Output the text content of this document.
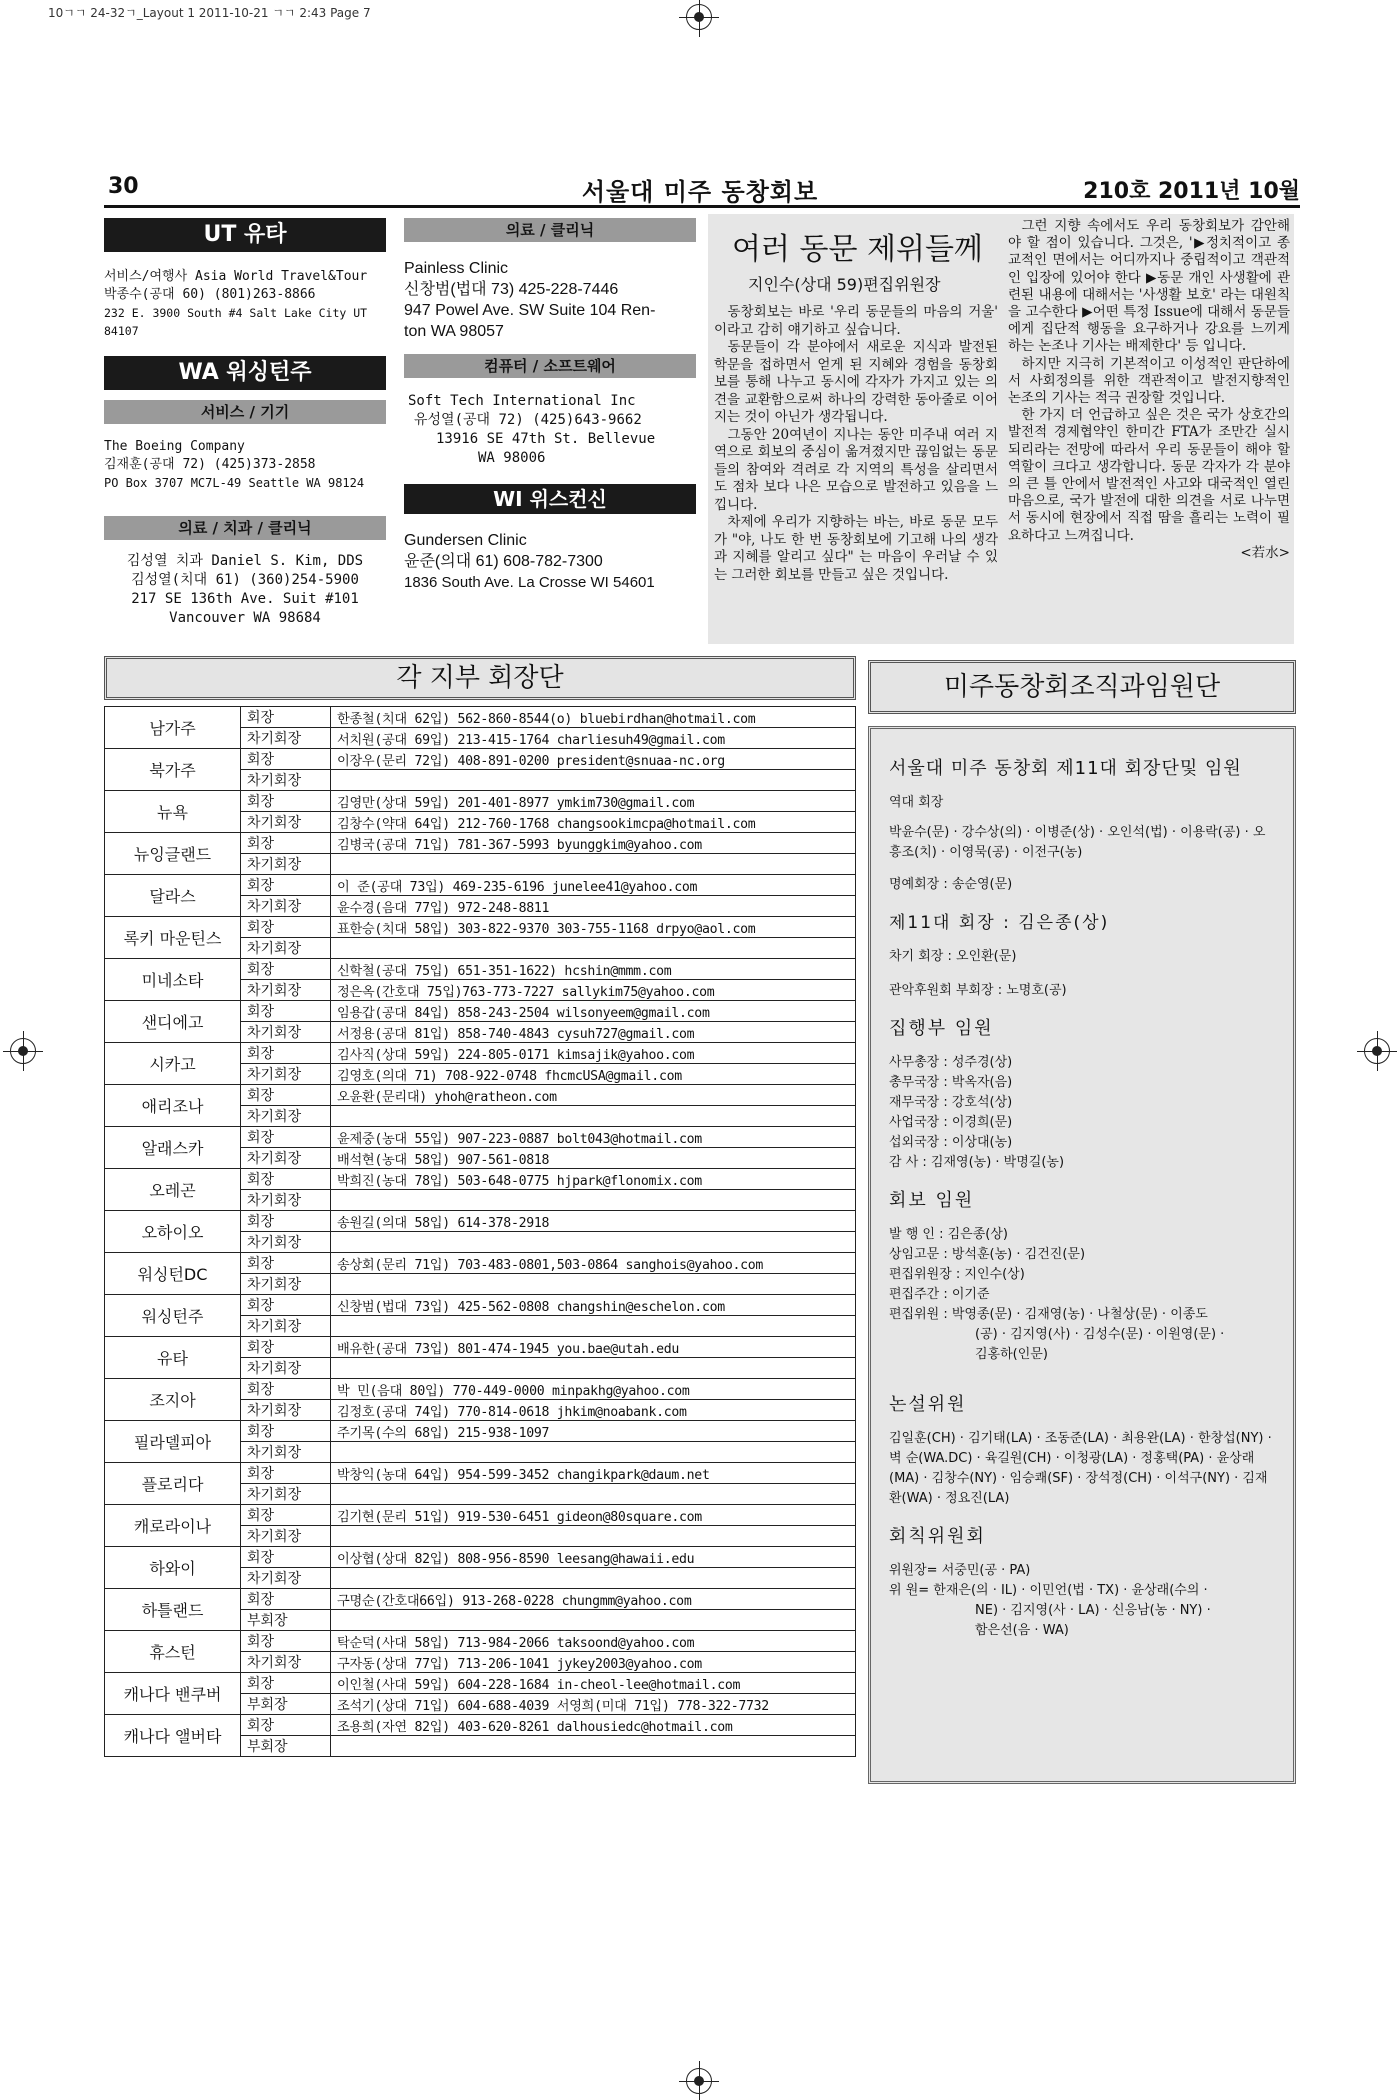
10ㄱㄱ 24-32ㄱ_Layout 1 2011-10-21 ㄱㄱ 2:43 Page 7
30	서울대 미주 동창회보	210호 2011년 10월
UT 유타
서비스/여행사 Asia World Travel&Tour
박종수(공대 60) (801)263-8866
232 E. 3900 South #4 Salt Lake City UT 84107
WA 워싱턴주
서비스 / 기기
The Boeing Company
김재훈(공대 72) (425)373-2858
PO Box 3707 MC7L-49 Seattle WA 98124
의료 / 치과 / 클리닉
김성열 치과 Daniel S. Kim, DDS
김성열(치대 61) (360)254-5900
217 SE 136th Ave. Suit #101
Vancouver WA 98684
의료 / 클리닉
Painless Clinic
신창범(법대 73) 425-228-7446
947 Powel Ave. SW Suite 104 Ren-
ton WA 98057
컴퓨터 / 소프트웨어
Soft Tech International Inc
유성열(공대 72) (425)643-9662
13916 SE 47th St. Bellevue
WA 98006
WI 위스컨신
Gundersen Clinic
윤준(의대 61) 608-782-7300
1836 South Ave. La Crosse WI 54601
여러 동문 제위들께
지인수(상대 59)편집위원장

동창회보는 바로 '우리 동문들의 마음의 거울' 이라고 감히 얘기하고 싶습니다.

동문들이 각 분야에서 새로운 지식과 발전된 학문을 접하면서 얻게 된 지혜와 경험을 동창회보를 통해 나누고 동시에 각자가 가지고 있는 의견을 교환함으로써 하나의 강력한 동아줄로 이어지는 것이 아닌가 생각됩니다.

그동안 20여년이 지나는 동안 미주내 여러 지역으로 회보의 중심이 옮겨졌지만 끊임없는 동문들의 참여와 격려로 각 지역의 특성을 살리면서도 점차 보다 나은 모습으로 발전하고 있음을 느낍니다.

차제에 우리가 지향하는 바는, 바로 동문 모두가 "야, 나도 한 번 동창회보에 기고해 나의 생각과 지혜를 알리고 싶다" 는 마음이 우러날 수 있는 그러한 회보를 만들고 싶은 것입니다.

그런 지향 속에서도 우리 동창회보가 감안해야 할 점이 있습니다. 그것은, '▶정치적이고 종교적인 면에서는 어디까지나 중립적이고 객관적인 입장에 있어야 한다 ▶동문 개인 사생활에 관련된 내용에 대해서는 '사생활 보호' 라는 대원칙을 고수한다 ▶어떤 특정 Issue에 대해서 동문들에게 집단적 행동을 요구하거나 강요를 느끼게 하는 논조나 기사는 배제한다' 등 입니다.

하지만 지극히 기본적이고 이성적인 판단하에서 사회정의를 위한 객관적이고 발전지향적인 논조의 기사는 적극 권장할 것입니다.

한 가지 더 언급하고 싶은 것은 국가 상호간의 발전적 경제협약인 한미간 FTA가 조만간 실시되리라는 전망에 따라서 우리 동문들이 해야 할 역할이 크다고 생각합니다. 동문 각자가 각 분야의 큰 틀 안에서 발전적인 사고와 대국적인 열린 마음으로, 국가 발전에 대한 의견을 서로 나누면서 동시에 현장에서 직접 땀을 흘리는 노력이 필요하다고 느껴집니다.

<若水>
각 지부 회장단
남가주	회장	한종철(치대 62입) 562-860-8544(o) bluebirdhan@hotmail.com
	차기회장	서치원(공대 69입) 213-415-1764 charliesuh49@gmail.com
북가주	회장	이장우(문리 72입) 408-891-0200 president@snuaa-nc.org
	차기회장	
뉴욕	회장	김영만(상대 59입) 201-401-8977 ymkim730@gmail.com
	차기회장	김창수(약대 64입) 212-760-1768 changsookimcpa@hotmail.com
뉴잉글랜드	회장	김병국(공대 71입) 781-367-5993 byunggkim@yahoo.com
	차기회장	
달라스	회장	이 준(공대 73입) 469-235-6196 junelee41@yahoo.com
	차기회장	윤수경(음대 77입) 972-248-8811
록키 마운틴스	회장	표한승(치대 58입) 303-822-9370 303-755-1168 drpyo@aol.com
	차기회장	
미네소타	회장	신학철(공대 75입) 651-351-1622) hcshin@mmm.com
	차기회장	정은옥(간호대 75입)763-773-7227 sallykim75@yahoo.com
샌디에고	회장	임용갑(공대 84입) 858-243-2504 wilsonyeem@gmail.com
	차기회장	서정용(공대 81입) 858-740-4843 cysuh727@gmail.com
시카고	회장	김사직(상대 59입) 224-805-0171 kimsajik@yahoo.com
	차기회장	김영호(의대 71) 708-922-0748 fhcmcUSA@gmail.com
애리조나	회장	오윤환(문리대) yhoh@ratheon.com
	차기회장	
알래스카	회장	윤제중(농대 55입) 907-223-0887 bolt043@hotmail.com
	차기회장	배석현(농대 58입) 907-561-0818
오레곤	회장	박희진(농대 78입) 503-648-0775 hjpark@flonomix.com
	차기회장	
오하이오	회장	송원길(의대 58입) 614-378-2918
	차기회장	
워싱턴DC	회장	송상회(문리 71입) 703-483-0801,503-0864 sanghois@yahoo.com
	차기회장	
워싱턴주	회장	신창범(법대 73입) 425-562-0808 changshin@eschelon.com
	차기회장	
유타	회장	배유한(공대 73입) 801-474-1945 you.bae@utah.edu
	차기회장	
조지아	회장	박 민(음대 80입) 770-449-0000 minpakhg@yahoo.com
	차기회장	김정호(공대 74입) 770-814-0618 jhkim@noabank.com
필라델피아	회장	주기목(수의 68입) 215-938-1097
	차기회장	
플로리다	회장	박창익(농대 64입) 954-599-3452 changikpark@daum.net
	차기회장	
캐로라이나	회장	김기현(문리 51입) 919-530-6451 gideon@80square.com
	차기회장	
하와이	회장	이상협(상대 82입) 808-956-8590 leesang@hawaii.edu
	차기회장	
하틀랜드	회장	구명순(간호대66입) 913-268-0228 chungmm@yahoo.com
	부회장	
휴스턴	회장	탁순덕(사대 58입) 713-984-2066 taksoond@yahoo.com
	차기회장	구자동(상대 77입) 713-206-1041 jykey2003@yahoo.com
캐나다 밴쿠버	회장	이인철(사대 59입) 604-228-1684 in-cheol-lee@hotmail.com
	부회장	조석기(상대 71입) 604-688-4039 서영희(미대 71입) 778-322-7732
캐나다 앨버타	회장	조용희(자연 82입) 403-620-8261 dalhousiedc@hotmail.com
	부회장	
미주동창회조직과임원단
서울대 미주 동창회 제11대 회장단및 임원

역대 회장

박윤수(문) · 강수상(의) · 이병준(상) · 오인석(법) · 이용락(공) · 오흥조(치) · 이영묵(공) · 이전구(농)

명예회장 : 송순영(문)

제11대 회장 : 김은종(상)

차기 회장 : 오인환(문)

관악후원회 부회장 : 노명호(공)

집행부 임원
사무총장 : 성주경(상)
총무국장 : 박옥자(음)
재무국장 : 강호석(상)
사업국장 : 이경희(문)
섭외국장 : 이상대(농)
감 사 : 김재영(농) · 박명길(농)
회보 임원
발 행 인 : 김은종(상)
상임고문 : 방석훈(농) · 김건진(문)
편집위원장 : 지인수(상)
편집주간 : 이기준
편집위원 : 박영종(문) · 김재영(농) · 나철상(문) · 이종도
(공) · 김지영(사) · 김성수(문) · 이원영(문) ·
김홍하(인문)
논설위원

김일훈(CH) · 김기태(LA) · 조동준(LA) · 최용완(LA) · 한창섭(NY) · 벽 순(WA.DC) · 육길원(CH) · 이청광(LA) · 정홍택(PA) · 윤상래(MA) · 김창수(NY) · 임승쾌(SF) · 장석정(CH) · 이석구(NY) · 김재환(WA) · 정요진(LA)

회칙위원회
위원장= 서중민(공 · PA)
위 원= 한재은(의 · IL) · 이민언(법 · TX) · 윤상래(수의 ·
NE) · 김지영(사 · LA) · 신응남(농 · NY) ·
함은선(음 · WA)
